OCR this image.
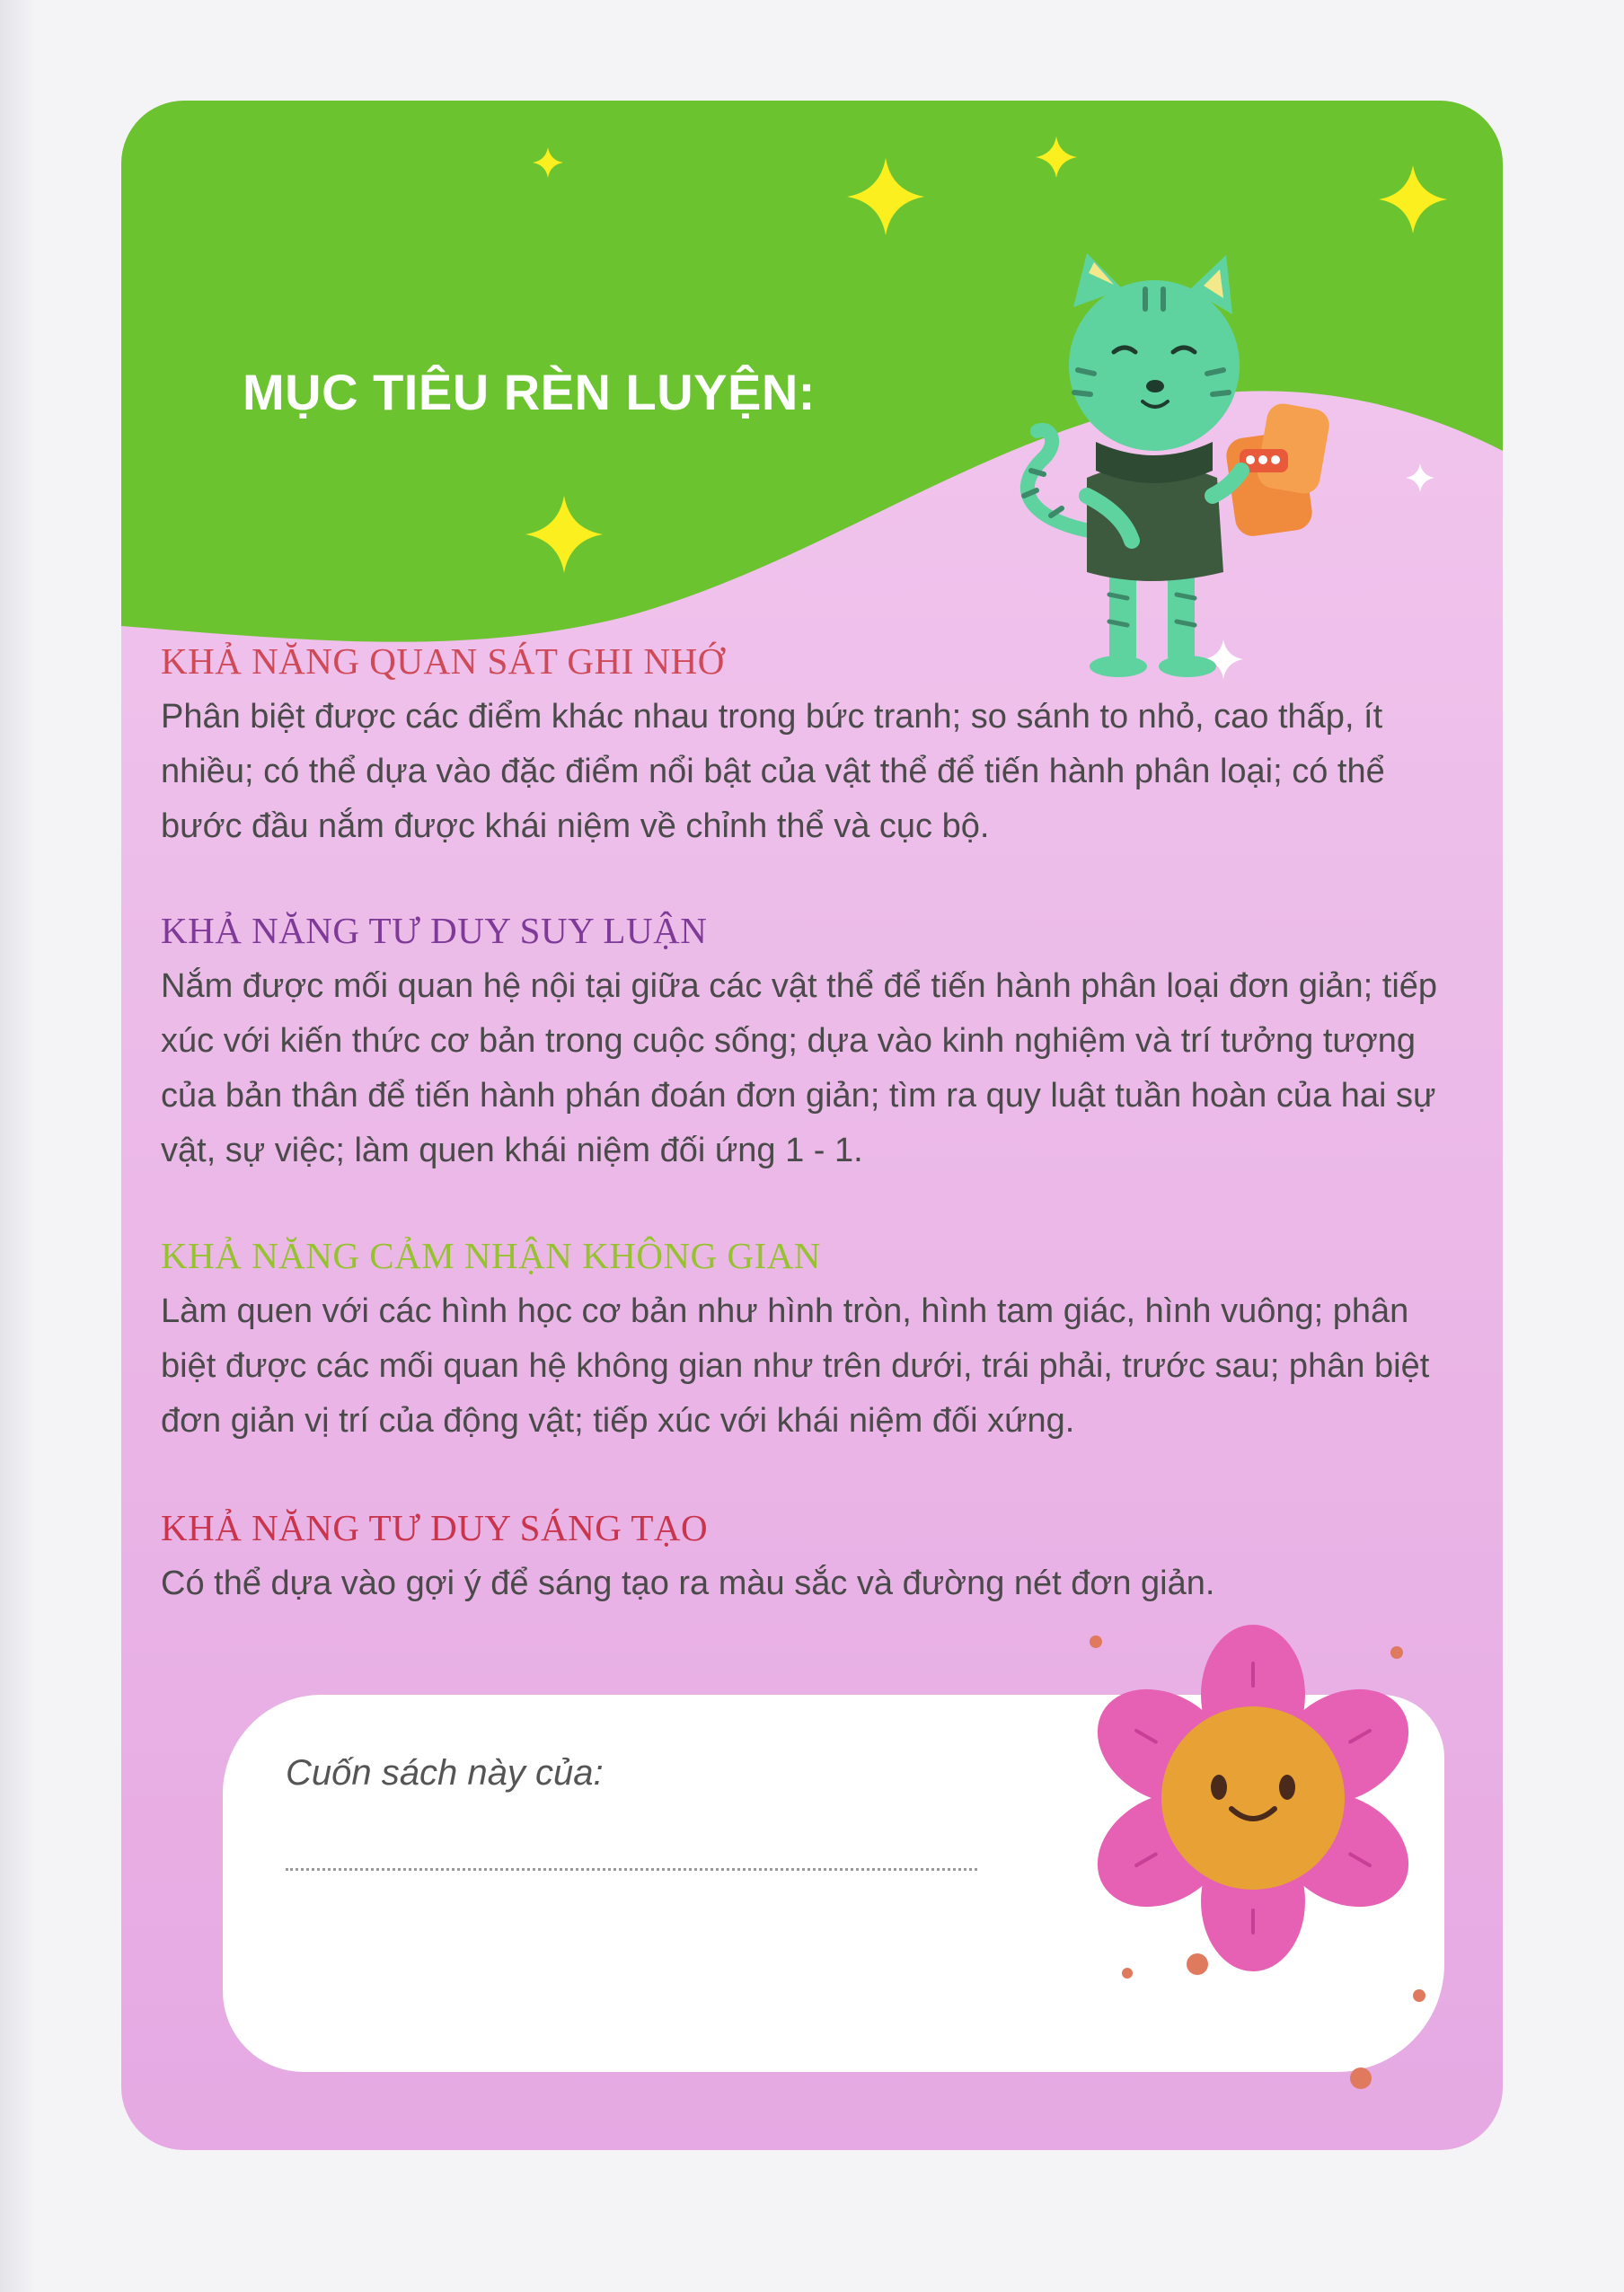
MỤC TIÊU RÈN LUYỆN:
KHẢ NĂNG QUAN SÁT GHI NHỚ

Phân biệt được các điểm khác nhau trong bức tranh; so sánh to nhỏ, cao thấp, ít nhiều; có thể dựa vào đặc điểm nổi bật của vật thể để tiến hành phân loại; có thể bước đầu nắm được khái niệm về chỉnh thể và cục bộ.

KHẢ NĂNG TƯ DUY SUY LUẬN

Nắm được mối quan hệ nội tại giữa các vật thể để tiến hành phân loại đơn giản; tiếp xúc với kiến thức cơ bản trong cuộc sống; dựa vào kinh nghiệm và trí tưởng tượng của bản thân để tiến hành phán đoán đơn giản; tìm ra quy luật tuần hoàn của hai sự vật, sự việc; làm quen khái niệm đối ứng 1 - 1.

KHẢ NĂNG CẢM NHẬN KHÔNG GIAN

Làm quen với các hình học cơ bản như hình tròn, hình tam giác, hình vuông; phân biệt được các mối quan hệ không gian như trên dưới, trái phải, trước sau; phân biệt đơn giản vị trí của động vật; tiếp xúc với khái niệm đối xứng.

KHẢ NĂNG TƯ DUY SÁNG TẠO

Có thể dựa vào gợi ý để sáng tạo ra màu sắc và đường nét đơn giản.

Cuốn sách này của:
